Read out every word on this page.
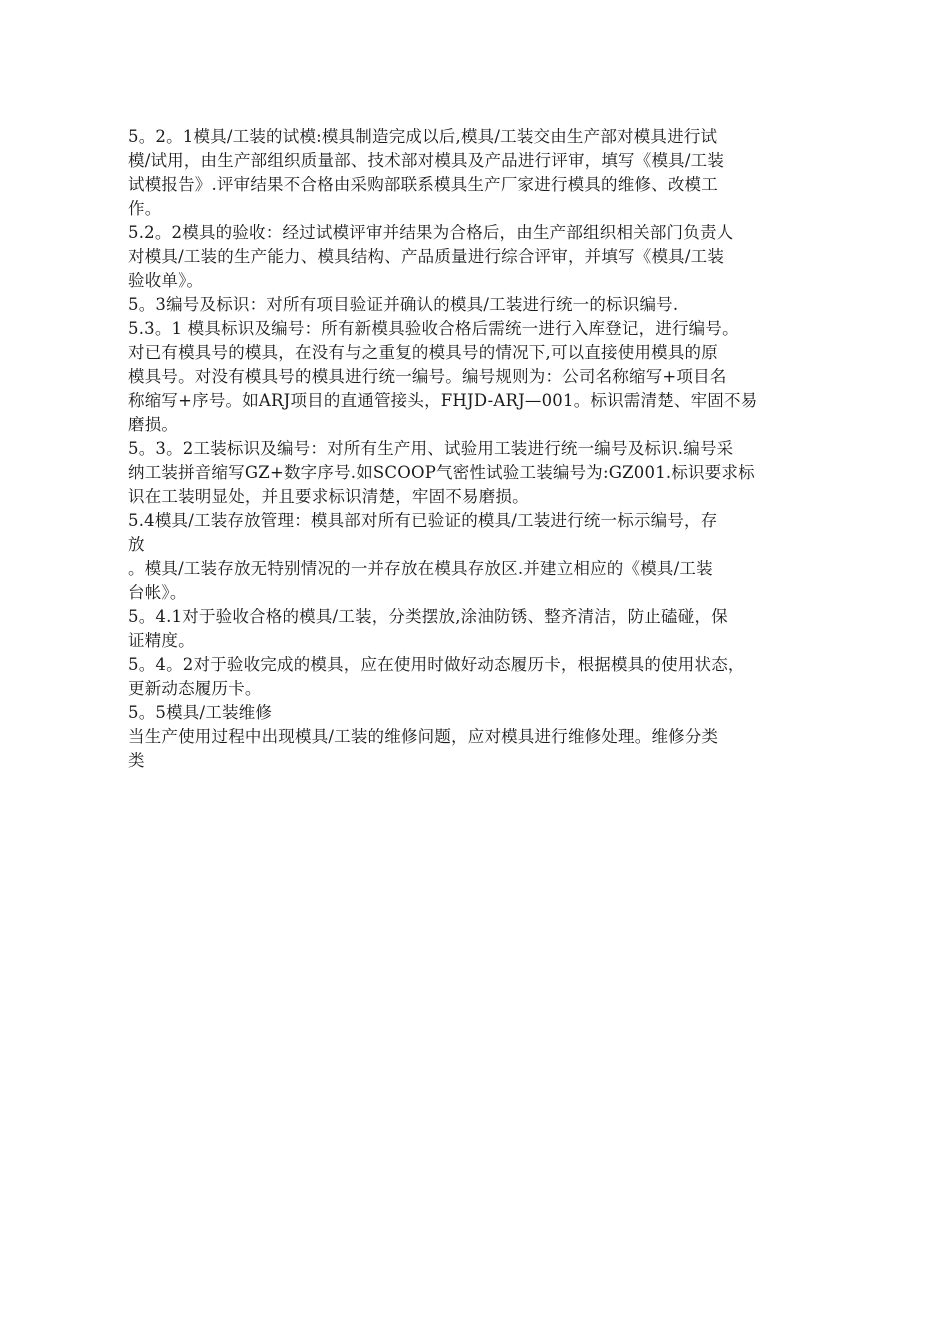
5。2。1模具/工装的试模:模具制造完成以后,模具/工装交由生产部对模具进行试
模/试用，由生产部组织质量部、技术部对模具及产品进行评审，填写《模具/工装
试模报告》.评审结果不合格由采购部联系模具生产厂家进行模具的维修、改模工
作。
5.2。2模具的验收：经过试模评审并结果为合格后，由生产部组织相关部门负责人
对模具/工装的生产能力、模具结构、产品质量进行综合评审，并填写《模具/工装
验收单》。
5。3编号及标识：对所有项目验证并确认的模具/工装进行统一的标识编号.
5.3。1 模具标识及编号：所有新模具验收合格后需统一进行入库登记，进行编号。
对已有模具号的模具，在没有与之重复的模具号的情况下,可以直接使用模具的原
模具号。对没有模具号的模具进行统一编号。编号规则为：公司名称缩写+项目名
称缩写+序号。如ARJ项目的直通管接头，FHJD-ARJ—001。标识需清楚、牢固不易
磨损。
5。3。2工装标识及编号：对所有生产用、试验用工装进行统一编号及标识.编号采
纳工装拼音缩写GZ+数字序号.如SCOOP气密性试验工装编号为:GZ001.标识要求标
识在工装明显处，并且要求标识清楚，牢固不易磨损。
5.4模具/工装存放管理：模具部对所有已验证的模具/工装进行统一标示编号，存
放
。模具/工装存放无特别情况的一并存放在模具存放区.并建立相应的《模具/工装
台帐》。
5。4.1对于验收合格的模具/工装，分类摆放,涂油防锈、整齐清洁，防止磕碰，保
证精度。
5。4。2对于验收完成的模具，应在使用时做好动态履历卡，根据模具的使用状态，
更新动态履历卡。
5。5模具/工装维修
当生产使用过程中出现模具/工装的维修问题，应对模具进行维修处理。维修分类
类
